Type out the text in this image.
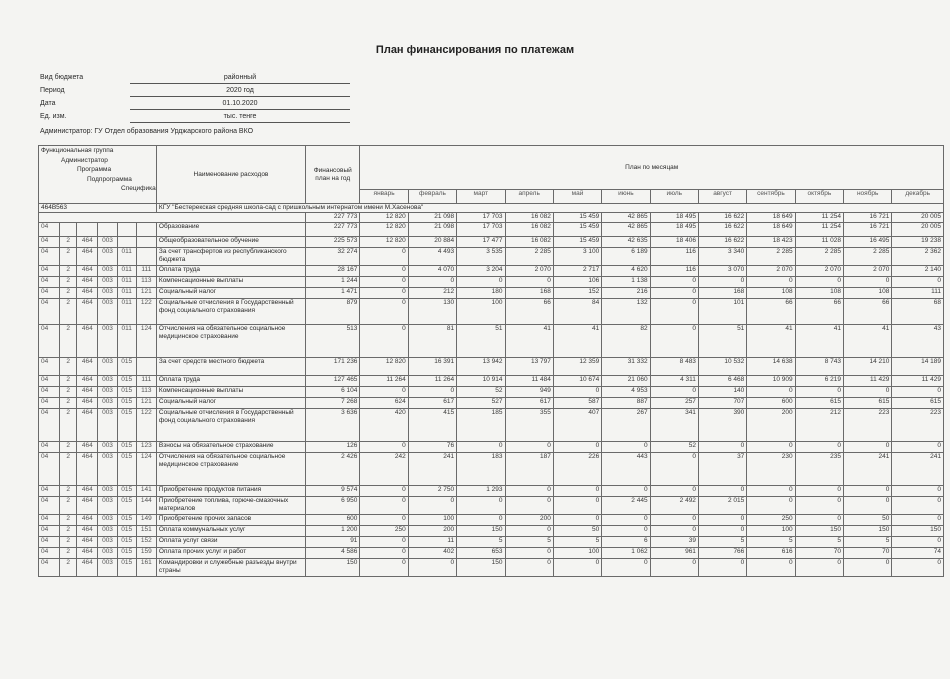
План финансирования по платежам
Вид бюджета	районный
Период	2020 год
Дата	01.10.2020
Ед. изм.	тыс. тенге
Администратор: ГУ Отдел образования Урджарского района ВКО
Функциональная группа
Администратор
Программа
Подпрограмма
Специфика						Наименование расходов	Финансовый план на год	План по месяцам											
								январь	февраль	март	апрель	май	июнь	июль	август	сентябрь	октябрь	ноябрь	декабрь
464В563						КГУ "Бестерекская средняя школа-сад с пришкольным интернатом имени М.Хасенова"													
							227 773	12 820	21 098	17 703	16 082	15 459	42 865	18 495	16 622	18 649	11 254	16 721	20 005
04						Образование	227 773	12 820	21 098	17 703	16 082	15 459	42 865	18 495	16 622	18 649	11 254	16 721	20 005
04	2	464	003			Общеобразовательное обучение	225 573	12 820	20 884	17 477	16 082	15 459	42 635	18 406	16 622	18 423	11 028	16 495	19 238
04	2	464	003	011		За счет трансфертов из республиканского бюджета	32 274	0	4 493	3 535	2 285	3 100	6 189	116	3 340	2 285	2 285	2 285	2 362
04	2	464	003	011	111	Оплата труда	28 167	0	4 070	3 204	2 070	2 717	4 620	116	3 070	2 070	2 070	2 070	2 140
04	2	464	003	011	113	Компенсационные выплаты	1 244	0	0	0	0	106	1 138	0	0	0	0	0	0
04	2	464	003	011	121	Социальный налог	1 471	0	212	180	168	152	216	0	168	108	108	108	111
04	2	464	003	011	122	Социальные отчисления в Государственный фонд социального страхования	879	0	130	100	66	84	132	0	101	66	66	66	68
04	2	464	003	011	124	Отчисления на обязательное социальное медицинское страхование	513	0	81	51	41	41	82	0	51	41	41	41	43
04	2	464	003	015		За счет средств местного бюджета	171 236	12 820	16 391	13 942	13 797	12 359	31 332	8 483	10 532	14 638	8 743	14 210	14 189
04	2	464	003	015	111	Оплата труда	127 465	11 264	11 264	10 914	11 484	10 674	21 060	4 311	6 468	10 909	6 219	11 429	11 429
04	2	464	003	015	113	Компенсационные выплаты	6 104	0	0	52	949	0	4 953	0	140	0	0	0	0
04	2	464	003	015	121	Социальный налог	7 268	624	617	527	617	587	887	257	707	600	615	615	615
04	2	464	003	015	122	Социальные отчисления в Государственный фонд социального страхования	3 636	420	415	185	355	407	267	341	390	200	212	223	223
04	2	464	003	015	123	Взносы на обязательное страхование	126	0	76	0	0	0	0	52	0	0	0	0	0
04	2	464	003	015	124	Отчисления на обязательное социальное медицинское страхование	2 426	242	241	183	187	226	443	0	37	230	235	241	241
04	2	464	003	015	141	Приобретение продуктов питания	9 574	0	2 750	1 293	0	0	0	0	0	0	0	0	0
04	2	464	003	015	144	Приобретение топлива, горюче-смазочных материалов	6 950	0	0	0	0	0	2 445	2 492	2 015	0	0	0	0
04	2	464	003	015	149	Приобретение прочих запасов	600	0	100	0	200	0	0	0	0	250	0	50	0
04	2	464	003	015	151	Оплата коммунальных услуг	1 200	250	200	150	0	50	0	0	0	100	150	150	150
04	2	464	003	015	152	Оплата услуг связи	91	0	11	5	5	5	6	39	5	5	5	5	0
04	2	464	003	015	159	Оплата прочих услуг и работ	4 586	0	402	653	0	100	1 062	961	766	616	70	70	74
04	2	464	003	015	161	Командировки и служебные разъезды внутри страны	150	0	0	150	0	0	0	0	0	0	0	0	0
